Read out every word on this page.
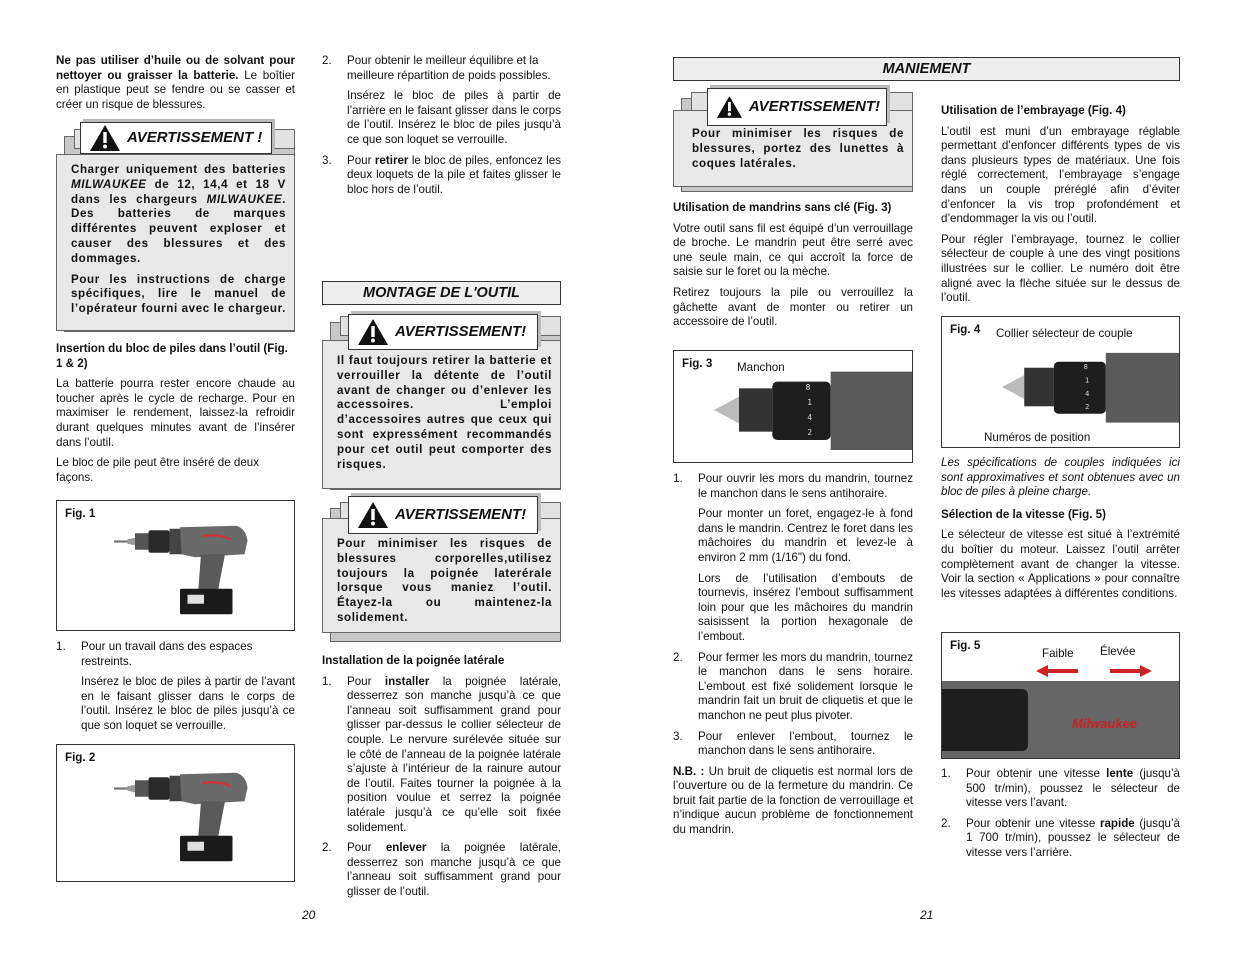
Ne pas utiliser d’huile ou de solvant pour nettoyer ou graisser la batterie. Le boîtier en plastique peut se fendre ou se casser et créer un risque de blessures.

Charger uniquement des batteries MILWAUKEE de 12, 14,4 et 18 V dans les chargeurs MILWAUKEE. Des batteries de marques différentes peuvent exploser et causer des blessures et des dommages.
Pour les instructions de charge spécifiques, lire le manuel de l’opérateur fourni avec le chargeur.
AVERTISSEMENT !
Insertion du bloc de piles dans l’outil (Fig. 1 & 2)

La batterie pourra rester encore chaude au toucher après le cycle de recharge. Pour en maximiser le rendement, laissez-la refroidir durant quelques minutes avant de l’insérer dans l’outil.

Le bloc de pile peut être inséré de deux façons.

Fig. 1
1. Pour un travail dans des espaces restreints.
Insérez le bloc de piles à partir de l’avant en le faisant glisser dans le corps de l’outil. Insérez le bloc de piles jusqu’à ce que son loquet se verrouille.
Fig. 2
2. Pour obtenir le meilleur équilibre et la meilleure répartition de poids possibles.
Insérez le bloc de piles à partir de l’arrière en le faisant glisser dans le corps de l’outil. Insérez le bloc de piles jusqu’à ce que son loquet se verrouille.
3. Pour retirer le bloc de piles, enfoncez les deux loquets de la pile et faites glisser le bloc hors de l’outil.
MONTAGE DE L'OUTIL
Il faut toujours retirer la batterie et verrouiller la détente de l’outil avant de changer ou d’enlever les accessoires. L’emploi d’accessoires autres que ceux qui sont expressément recommandés pour cet outil peut comporter des risques.
AVERTISSEMENT!
Pour minimiser les risques de blessures corporelles,utilisez toujours la poignée laterérale lorsque vous maniez l’outil. Étayez-la ou maintenez-la solidement.
AVERTISSEMENT!
Installation de la poignée latérale
1. Pour installer la poignée latérale, desserrez son manche jusqu’à ce que l’anneau soit suffisamment grand pour glisser par-dessus le collier sélecteur de couple. Le nervure surélevée située sur le côté de l’anneau de la poignée latérale s’ajuste à l’intérieur de la rainure autour de l’outil. Faites tourner la poignée à la position voulue et serrez la poignée latérale jusqu’à ce qu’elle soit fixée solidement.
2. Pour enlever la poignée latérale, desserrez son manche jusqu’à ce que l’anneau soit suffisamment grand pour glisser de l’outil.
20
MANIEMENT
Pour minimiser les risques de blessures, portez des lunettes à coques latérales.
AVERTISSEMENT!
Utilisation de mandrins sans clé (Fig. 3)

Votre outil sans fil est équipé d’un verrouillage de broche. Le mandrin peut être serré avec une seule main, ce qui accroît la force de saisie sur le foret ou la mèche.

Retirez toujours la pile ou verrouillez la gâchette avant de monter ou retirer un accessoire de l’outil.

Fig. 3 Manchon
1. Pour ouvrir les mors du mandrin, tournez le manchon dans le sens antihoraire.
Pour monter un foret, engagez-le à fond dans le mandrin. Centrez le foret dans les mâchoires du mandrin et levez-le à environ 2 mm (1/16") du fond.
Lors de l’utilisation d’embouts de tournevis, insérez l’embout suffisamment loin pour que les mâchoires du mandrin saisissent la portion hexagonale de l’embout.
2. Pour fermer les mors du mandrin, tournez le manchon dans le sens horaire. L’embout est fixé solidement lorsque le mandrin fait un bruit de cliquetis et que le manchon ne peut plus pivoter.
3. Pour enlever l’embout, tournez le manchon dans le sens antihoraire.

N.B. : Un bruit de cliquetis est normal lors de l’ouverture ou de la fermeture du mandrin. Ce bruit fait partie de la fonction de verrouillage et n’indique aucun problème de fonctionnement du mandrin.

Utilisation de l’embrayage (Fig. 4)

L’outil est muni d’un embrayage réglable permettant d’enfoncer différents types de vis dans plusieurs types de matériaux. Une fois réglé correctement, l’embrayage s’engage dans un couple préréglé afin d’éviter d’enfoncer la vis trop profondément et d’endommager la vis ou l’outil.

Pour régler l’embrayage, tournez le collier sélecteur de couple à une des vingt positions illustrées sur le collier. Le numéro doit être aligné avec la flèche située sur le dessus de l’outil.

Fig. 4 Collier sélecteur de couple
Numéros de position

Les spécifications de couples indiquées ici sont approximatives et sont obtenues avec un bloc de piles à pleine charge.

Sélection de la vitesse (Fig. 5)

Le sélecteur de vitesse est situé à l’extrémité du boîtier du moteur. Laissez l’outil arrêter complètement avant de changer la vitesse. Voir la section « Applications » pour connaître les vitesses adaptées à différentes conditions.

Fig. 5
Faible Élevée
Milwaukee
1. Pour obtenir une vitesse lente (jusqu’à 500 tr/min), poussez le sélecteur de vitesse vers l’avant.
2. Pour obtenir une vitesse rapide (jusqu’à 1 700 tr/min), poussez le sélecteur de vitesse vers l’arrière.
21
